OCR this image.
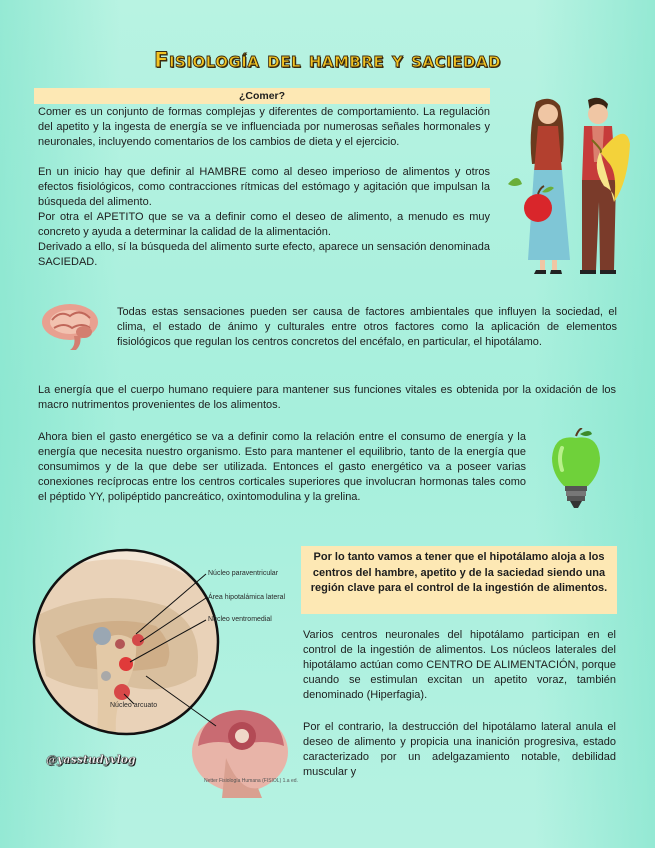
Fisiología del hambre y saciedad
¿Comer?

Comer es un conjunto de formas complejas y diferentes de comportamiento. La regulación del apetito y la ingesta de energía se ve influenciada por numerosas señales hormonales y neuronales, incluyendo comentarios de los cambios de dieta y el ejercicio.

En un inicio hay que definir al HAMBRE como al deseo imperioso de alimentos y otros efectos fisiológicos, como contracciones rítmicas del estómago y agitación que impulsan la búsqueda del alimento.

Por otra el APETITO que se va a definir como el deseo de alimento, a menudo es muy concreto y ayuda a determinar la calidad de la alimentación.

Derivado a ello, sí la búsqueda del alimento surte efecto, aparece un sensación denominada SACIEDAD.

Todas estas sensaciones pueden ser causa de factores ambientales que influyen la sociedad, el clima, el estado de ánimo y culturales entre otros factores como la aplicación de elementos fisiológicos que regulan los centros concretos del encéfalo, en particular, el hipotálamo.

La energía que el cuerpo humano requiere para mantener sus funciones vitales es obtenida por la oxidación de los macro nutrimentos provenientes de los alimentos.

Ahora bien el gasto energético se va a definir como la relación entre el consumo de energía y la energía que necesita nuestro organismo. Esto para mantener el equilibrio, tanto de la energía que consumimos y de la que debe ser utilizada. Entonces el gasto energético va a poseer varias conexiones recíprocas entre los centros corticales superiores que involucran hormonas tales como el péptido YY, polipéptido pancreático, oxintomodulina y la grelina.

Núcleo paraventricular
Área hipotalámica lateral
Núcleo ventromedial
Núcleo arcuato
@yasstudyvlog
Netter Fisiología Humana (FISIOL) 1.a ed.
Por lo tanto vamos a tener que el hipotálamo aloja a los centros del hambre, apetito y de la saciedad siendo una región clave para el control de la ingestión de alimentos.

Varios centros neuronales del hipotálamo participan en el control de la ingestión de alimentos. Los núcleos laterales del hipotálamo actúan como CENTRO DE ALIMENTACIÓN, porque cuando se estimulan excitan un apetito voraz, también denominado (Hiperfagia).

Por el contrario, la destrucción del hipotálamo lateral anula el deseo de alimento y propicia una inanición progresiva, estado caracterizado por un adelgazamiento notable, debilidad muscular y
